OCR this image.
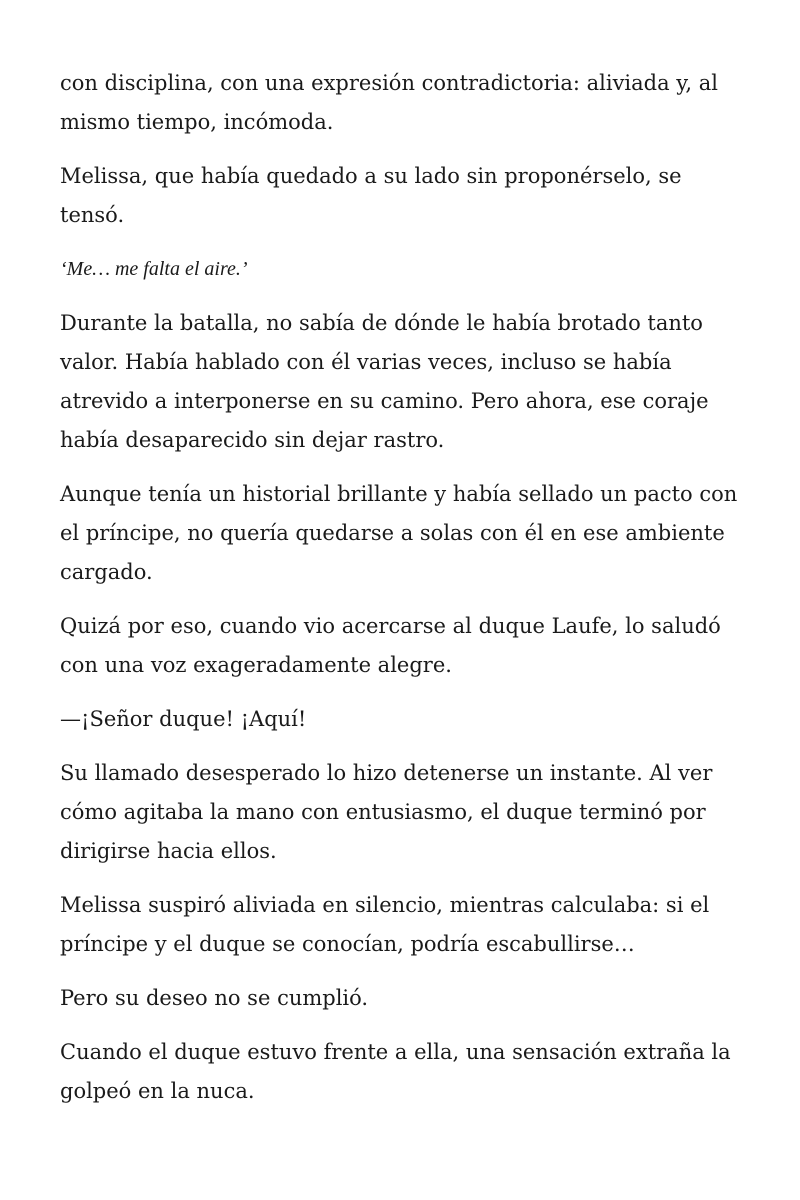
con disciplina, con una expresión contradictoria: aliviada y, al mismo tiempo, incómoda.

Melissa, que había quedado a su lado sin proponérselo, se tensó.

‘Me… me falta el aire.’

Durante la batalla, no sabía de dónde le había brotado tanto valor. Había hablado con él varias veces, incluso se había atrevido a interponerse en su camino. Pero ahora, ese coraje había desaparecido sin dejar rastro.

Aunque tenía un historial brillante y había sellado un pacto con el príncipe, no quería quedarse a solas con él en ese ambiente cargado.

Quizá por eso, cuando vio acercarse al duque Laufe, lo saludó con una voz exageradamente alegre.

—¡Señor duque! ¡Aquí!

Su llamado desesperado lo hizo detenerse un instante. Al ver cómo agitaba la mano con entusiasmo, el duque terminó por dirigirse hacia ellos.

Melissa suspiró aliviada en silencio, mientras calculaba: si el príncipe y el duque se conocían, podría escabullirse…

Pero su deseo no se cumplió.

Cuando el duque estuvo frente a ella, una sensación extraña la golpeó en la nuca.
